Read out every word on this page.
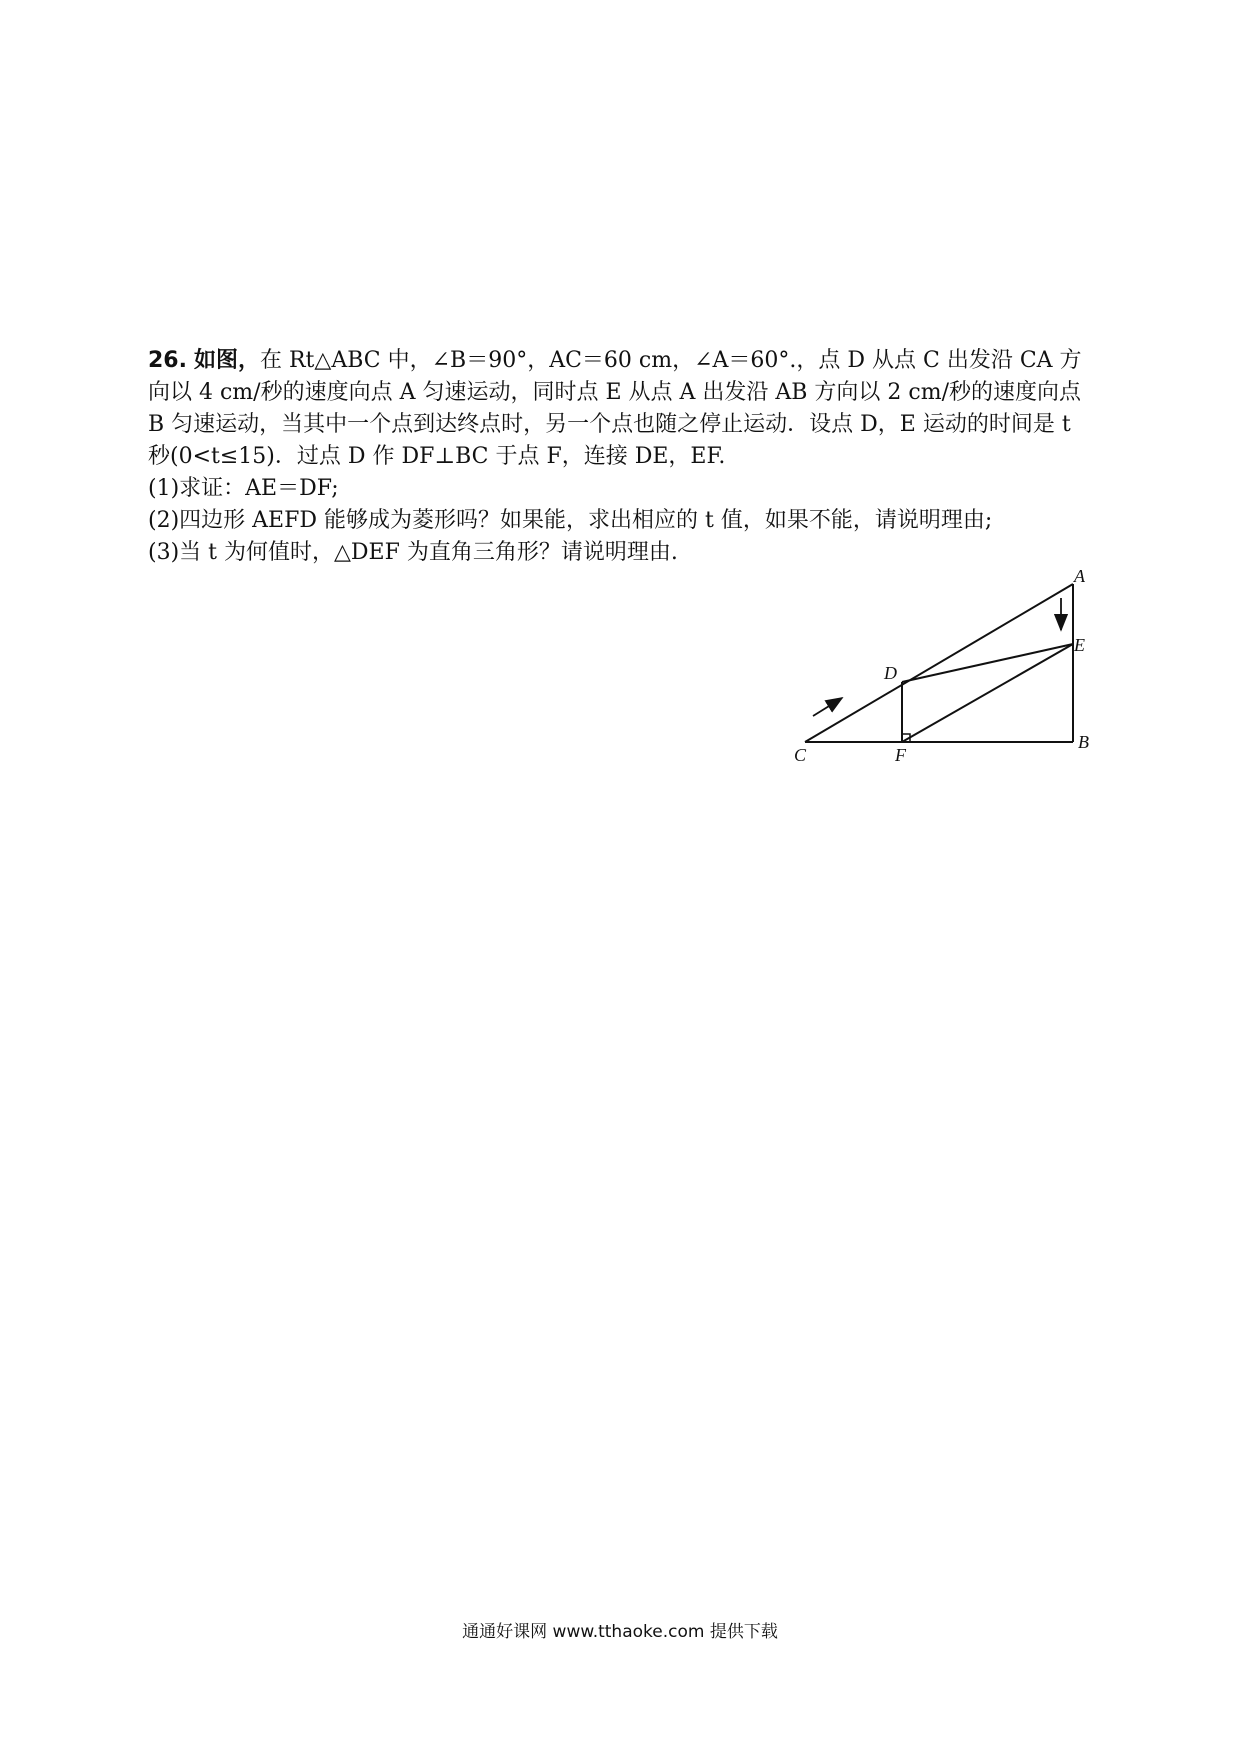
26. 如图，在 Rt△ABC 中，∠B＝90°，AC＝60 cm，∠A＝60°.，点 D 从点 C 出发沿 CA 方向以 4 cm/秒的速度向点 A 匀速运动，同时点 E 从点 A 出发沿 AB 方向以 2 cm/秒的速度向点 B 匀速运动，当其中一个点到达终点时，另一个点也随之停止运动．设点 D，E 运动的时间是 t 秒(0<t≤15)．过点 D 作 DF⊥BC 于点 F，连接 DE，EF.

(1)求证：AE＝DF;

(2)四边形 AEFD 能够成为菱形吗？如果能，求出相应的 t 值，如果不能，请说明理由;

(3)当 t 为何值时，△DEF 为直角三角形？请说明理由.

A
E
D
B
C	F
通通好课网 www.tthaoke.com 提供下载
